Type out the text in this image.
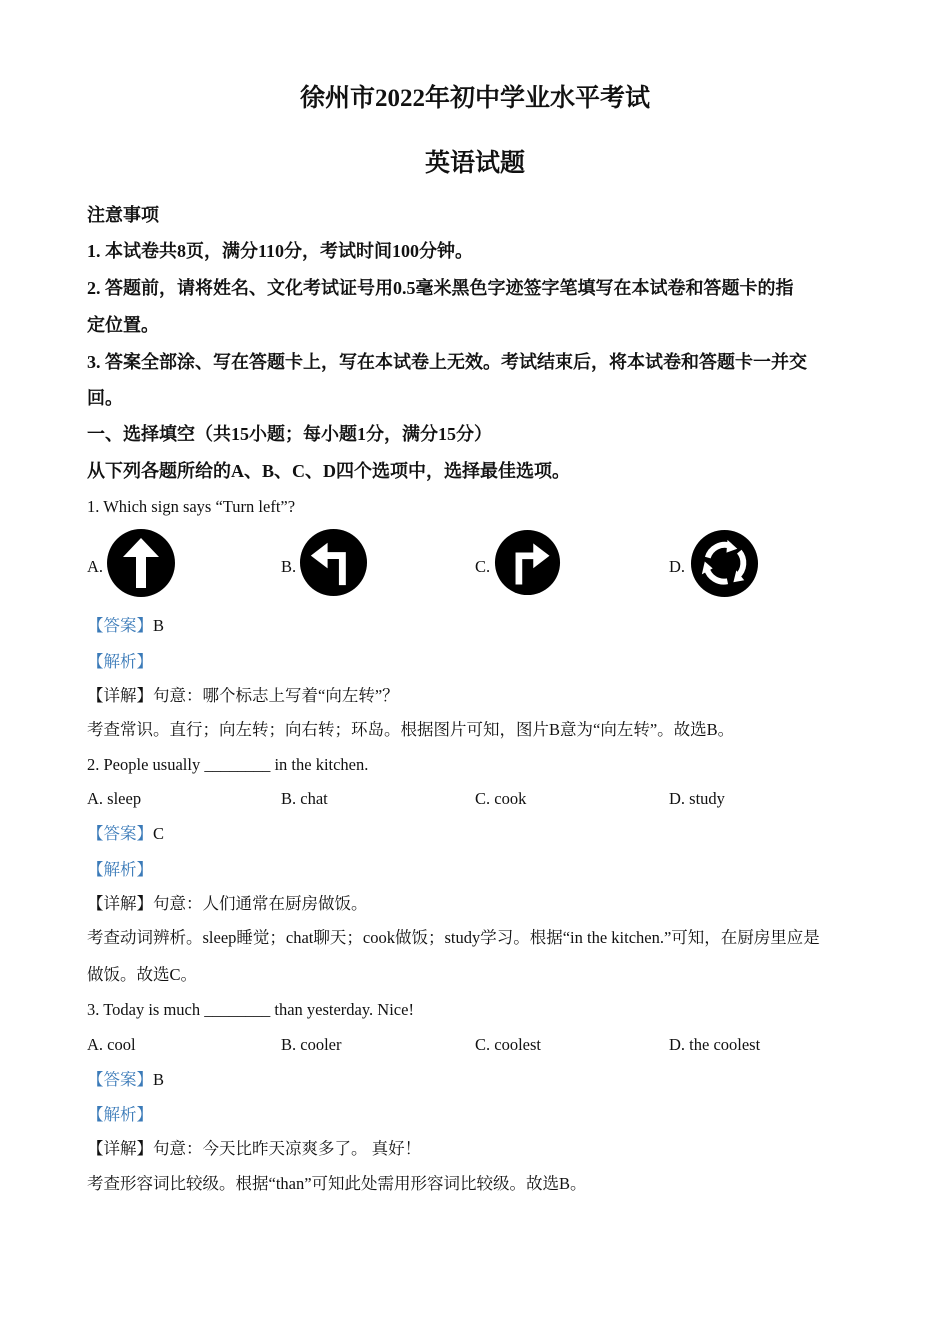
徐州市2022年初中学业水平考试
英语试题
注意事项
1. 本试卷共8页，满分110分，考试时间100分钟。
2. 答题前，请将姓名、文化考试证号用0.5毫米黑色字迹签字笔填写在本试卷和答题卡的指
定位置。
3. 答案全部涂、写在答题卡上，写在本试卷上无效。考试结束后，将本试卷和答题卡一并交
回。
一、选择填空（共15小题；每小题1分，满分15分）
从下列各题所给的A、B、C、D四个选项中，选择最佳选项。
1. Which sign says “Turn left”?
A.	B.	C.	D.
【答案】B
【解析】
【详解】句意：哪个标志上写着“向左转”？
考查常识。直行；向左转；向右转；环岛。根据图片可知，图片B意为“向左转”。故选B。
2. People usually ________ in the kitchen.
A. sleep	B. chat	C. cook	D. study
【答案】C
【解析】
【详解】句意：人们通常在厨房做饭。
考查动词辨析。sleep睡觉；chat聊天；cook做饭；study学习。根据“in the kitchen.”可知，在厨房里应是
做饭。故选C。
3. Today is much ________ than yesterday. Nice!
A. cool	B. cooler	C. coolest	D. the coolest
【答案】B
【解析】
【详解】句意：今天比昨天凉爽多了。 真好！
考查形容词比较级。根据“than”可知此处需用形容词比较级。故选B。
